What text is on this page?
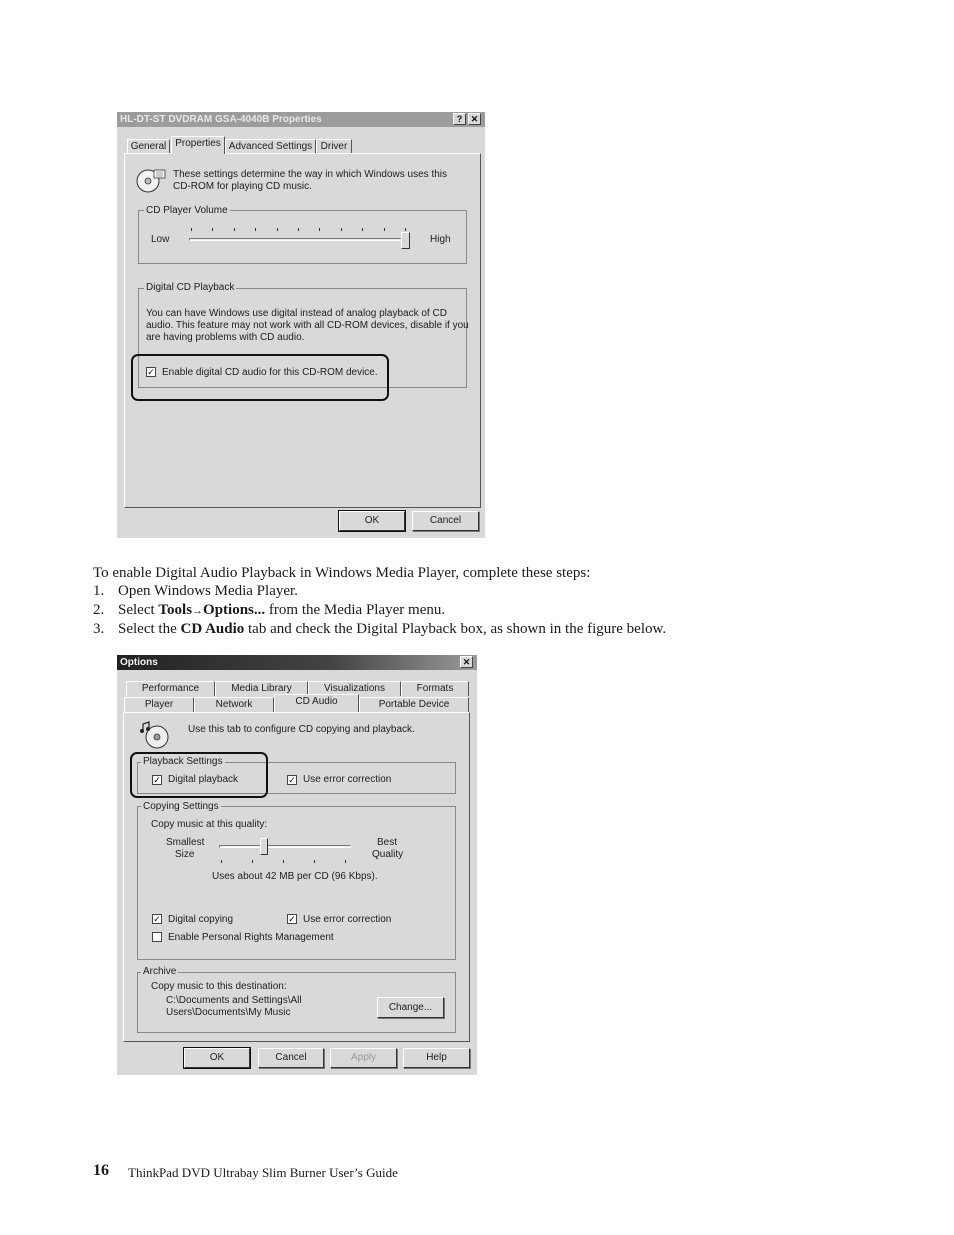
HL-DT-ST DVDRAM GSA-4040B Properties	? ✕
General Properties Advanced Settings Driver
These settings determine the way in which Windows uses this
CD-ROM for playing CD music.
CD Player Volume
Low	High
Digital CD Playback
You can have Windows use digital instead of analog playback of CD
audio. This feature may not work with all CD-ROM devices, disable if you
are having problems with CD audio.
✓ Enable digital CD audio for this CD-ROM device.
OK	Cancel
To enable Digital Audio Playback in Windows Media Player, complete these steps:
1. Open Windows Media Player.
2. Select Tools→Options... from the Media Player menu.
3. Select the CD Audio tab and check the Digital Playback box, as shown in the figure below.
Options	✕
Performance	Media Library	Visualizations	Formats
Player	Network	CD Audio	Portable Device
Use this tab to configure CD copying and playback.
Playback Settings
✓ Digital playback	✓ Use error correction
Copying Settings
Copy music at this quality:
Smallest
Size
Best
Quality
Uses about 42 MB per CD (96 Kbps).
✓ Digital copying	✓ Use error correction
Enable Personal Rights Management
Archive
Copy music to this destination:
C:\Documents and Settings\All
Users\Documents\My Music	Change...
OK	Cancel	Apply	Help
16 ThinkPad DVD Ultrabay Slim Burner User’s Guide
